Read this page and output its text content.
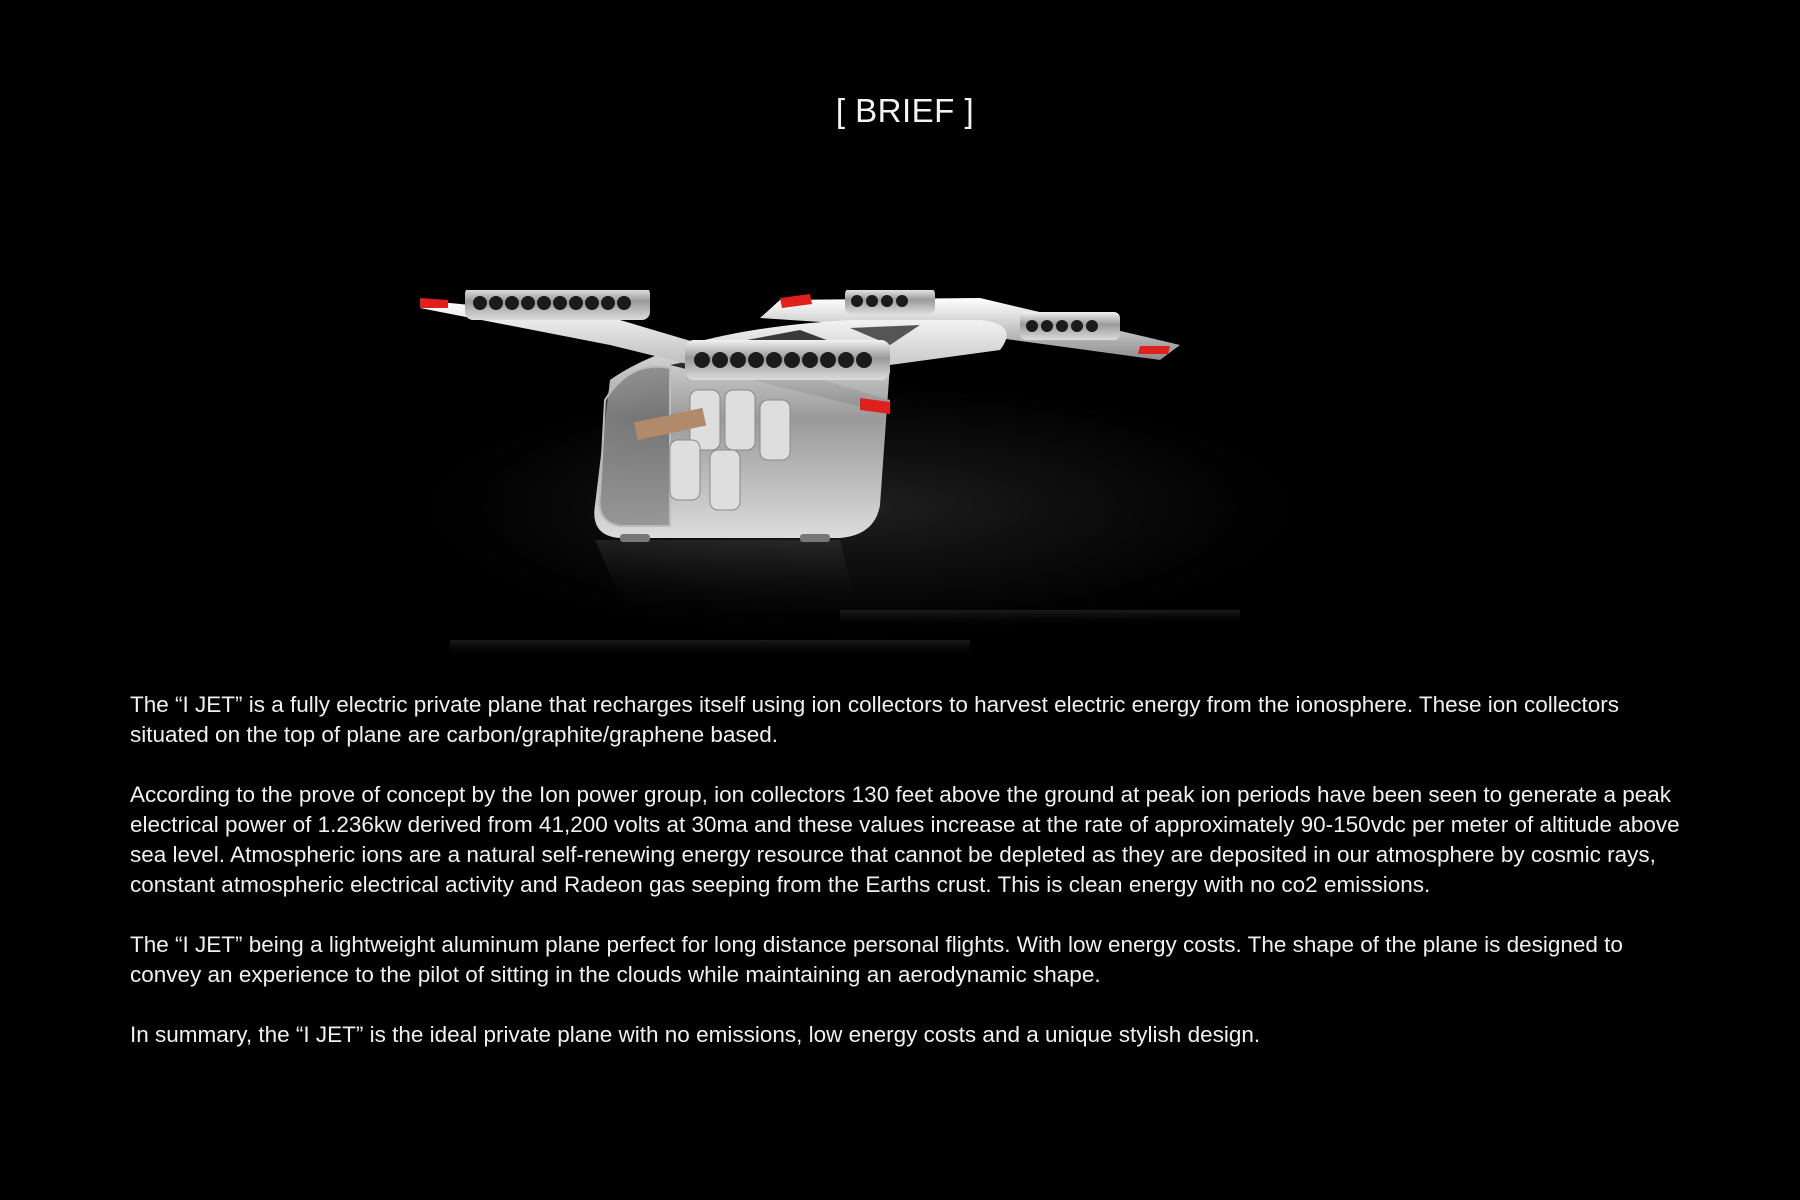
[ BRIEF ]

The “I JET” is a fully electric private plane that recharges itself using ion collectors to harvest electric energy from the ionosphere. These ion collectors situated on the top of plane are carbon/graphite/graphene based.

According to the prove of concept by the Ion power group, ion collectors 130 feet above the ground at peak ion periods have been seen to generate a peak electrical power of 1.236kw derived from 41,200 volts at 30ma and these values increase at the rate of approximately 90-150vdc per meter of altitude above sea level. Atmospheric ions are a natural self-renewing energy resource that cannot be depleted as they are deposited in our atmosphere by cosmic rays, constant atmospheric electrical activity and Radeon gas seeping from the Earths crust. This is clean energy with no co2 emissions.

The “I JET” being a lightweight aluminum plane perfect for long distance personal flights. With low energy costs. The shape of the plane is designed to convey an experience to the pilot of sitting in the clouds while maintaining an aerodynamic shape.

In summary, the “I JET” is the ideal private plane with no emissions, low energy costs and a unique stylish design.
